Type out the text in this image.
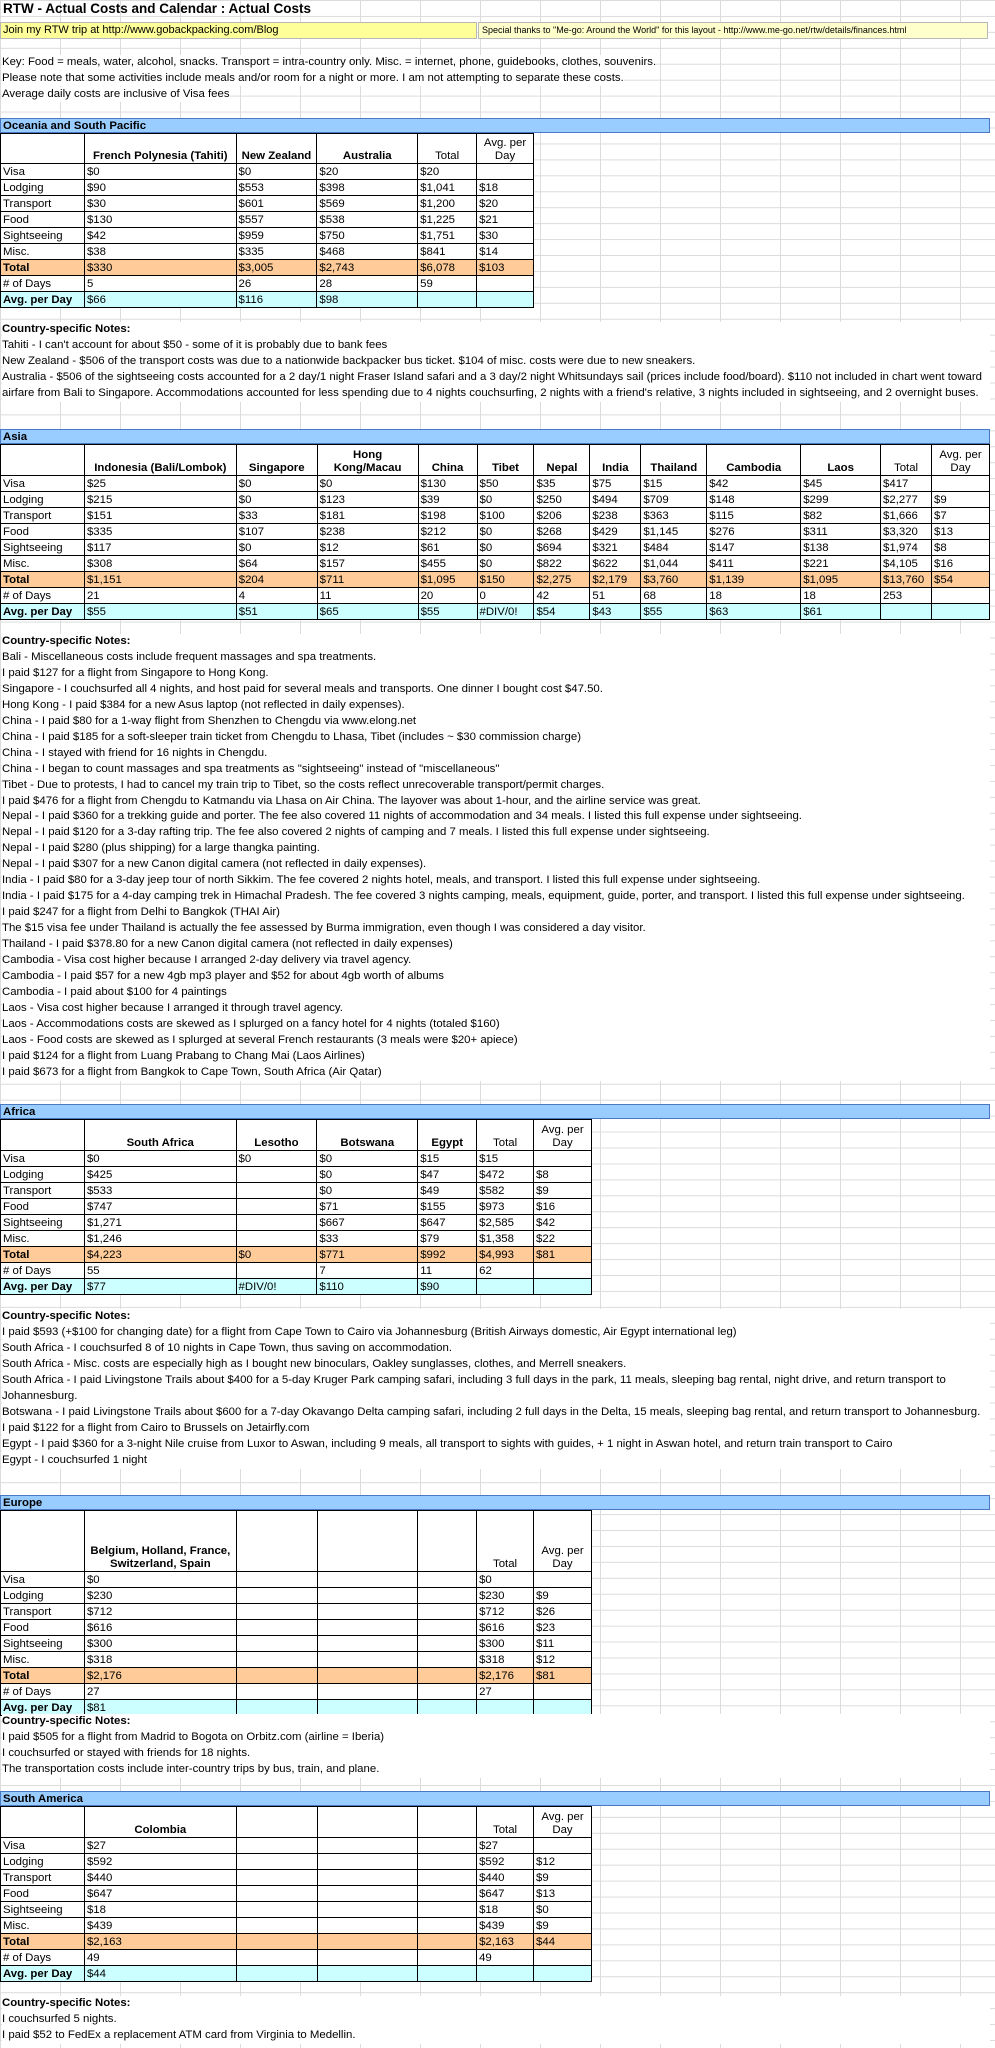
RTW - Actual Costs and Calendar : Actual Costs
Join my RTW trip at http://www.gobackpacking.com/Blog	Special thanks to "Me-go: Around the World" for this layout - http://www.me-go.net/rtw/details/finances.html
Key: Food = meals, water, alcohol, snacks. Transport = intra-country only. Misc. = internet, phone, guidebooks, clothes, souvenirs.
Please note that some activities include meals and/or room for a night or more. I am not attempting to separate these costs.
Average daily costs are inclusive of Visa fees
Oceania and South Pacific
	French Polynesia (Tahiti)	New Zealand	Australia	Total	Avg. per Day
Visa	$0	$0	$20	$20	
Lodging	$90	$553	$398	$1,041	$18
Transport	$30	$601	$569	$1,200	$20
Food	$130	$557	$538	$1,225	$21
Sightseeing	$42	$959	$750	$1,751	$30
Misc.	$38	$335	$468	$841	$14
Total	$330	$3,005	$2,743	$6,078	$103
# of Days	5	26	28	59	
Avg. per Day	$66	$116	$98		
Country-specific Notes:
Tahiti - I can't account for about $50 - some of it is probably due to bank fees
New Zealand - $506 of the transport costs was due to a nationwide backpacker bus ticket. $104 of misc. costs were due to new sneakers.
Australia - $506 of the sightseeing costs accounted for a 2 day/1 night Fraser Island safari and a 3 day/2 night Whitsundays sail (prices include food/board). $110 not included in chart went toward airfare from Bali to Singapore. Accommodations accounted for less spending due to 4 nights couchsurfing, 2 nights with a friend's relative, 3 nights included in sightseeing, and 2 overnight buses.
Asia
	Indonesia (Bali/Lombok)	Singapore	Hong Kong/Macau	China	Tibet	Nepal	India	Thailand	Cambodia	Laos	Total	Avg. per Day
Visa	$25	$0	$0	$130	$50	$35	$75	$15	$42	$45	$417	
Lodging	$215	$0	$123	$39	$0	$250	$494	$709	$148	$299	$2,277	$9
Transport	$151	$33	$181	$198	$100	$206	$238	$363	$115	$82	$1,666	$7
Food	$335	$107	$238	$212	$0	$268	$429	$1,145	$276	$311	$3,320	$13
Sightseeing	$117	$0	$12	$61	$0	$694	$321	$484	$147	$138	$1,974	$8
Misc.	$308	$64	$157	$455	$0	$822	$622	$1,044	$411	$221	$4,105	$16
Total	$1,151	$204	$711	$1,095	$150	$2,275	$2,179	$3,760	$1,139	$1,095	$13,760	$54
# of Days	21	4	11	20	0	42	51	68	18	18	253	
Avg. per Day	$55	$51	$65	$55	#DIV/0!	$54	$43	$55	$63	$61		
Country-specific Notes:
Bali - Miscellaneous costs include frequent massages and spa treatments.
I paid $127 for a flight from Singapore to Hong Kong.
Singapore - I couchsurfed all 4 nights, and host paid for several meals and transports. One dinner I bought cost $47.50.
Hong Kong - I paid $384 for a new Asus laptop (not reflected in daily expenses).
China - I paid $80 for a 1-way flight from Shenzhen to Chengdu via www.elong.net
China - I paid $185 for a soft-sleeper train ticket from Chengdu to Lhasa, Tibet (includes ~ $30 commission charge)
China - I stayed with friend for 16 nights in Chengdu.
China - I began to count massages and spa treatments as "sightseeing" instead of "miscellaneous"
Tibet - Due to protests, I had to cancel my train trip to Tibet, so the costs reflect unrecoverable transport/permit charges.
I paid $476 for a flight from Chengdu to Katmandu via Lhasa on Air China. The layover was about 1-hour, and the airline service was great.
Nepal - I paid $360 for a trekking guide and porter. The fee also covered 11 nights of accommodation and 34 meals. I listed this full expense under sightseeing.
Nepal - I paid $120 for a 3-day rafting trip. The fee also covered 2 nights of camping and 7 meals. I listed this full expense under sightseeing.
Nepal - I paid $280 (plus shipping) for a large thangka painting.
Nepal - I paid $307 for a new Canon digital camera (not reflected in daily expenses).
India - I paid $80 for a 3-day jeep tour of north Sikkim. The fee covered 2 nights hotel, meals, and transport. I listed this full expense under sightseeing.
India - I paid $175 for a 4-day camping trek in Himachal Pradesh. The fee covered 3 nights camping, meals, equipment, guide, porter, and transport. I listed this full expense under sightseeing.
I paid $247 for a flight from Delhi to Bangkok (THAI Air)
The $15 visa fee under Thailand is actually the fee assessed by Burma immigration, even though I was considered a day visitor.
Thailand - I paid $378.80 for a new Canon digital camera (not reflected in daily expenses)
Cambodia - Visa cost higher because I arranged 2-day delivery via travel agency.
Cambodia - I paid $57 for a new 4gb mp3 player and $52 for about 4gb worth of albums
Cambodia - I paid about $100 for 4 paintings
Laos - Visa cost higher because I arranged it through travel agency.
Laos - Accommodations costs are skewed as I splurged on a fancy hotel for 4 nights (totaled $160)
Laos - Food costs are skewed as I splurged at several French restaurants (3 meals were $20+ apiece)
I paid $124 for a flight from Luang Prabang to Chang Mai (Laos Airlines)
I paid $673 for a flight from Bangkok to Cape Town, South Africa (Air Qatar)
Africa
	South Africa	Lesotho	Botswana	Egypt	Total	Avg. per Day
Visa	$0	$0	$0	$15	$15	
Lodging	$425		$0	$47	$472	$8
Transport	$533		$0	$49	$582	$9
Food	$747		$71	$155	$973	$16
Sightseeing	$1,271		$667	$647	$2,585	$42
Misc.	$1,246		$33	$79	$1,358	$22
Total	$4,223	$0	$771	$992	$4,993	$81
# of Days	55		7	11	62	
Avg. per Day	$77	#DIV/0!	$110	$90		
Country-specific Notes:
I paid $593 (+$100 for changing date) for a flight from Cape Town to Cairo via Johannesburg (British Airways domestic, Air Egypt international leg)
South Africa - I couchsurfed 8 of 10 nights in Cape Town, thus saving on accommodation.
South Africa - Misc. costs are especially high as I bought new binoculars, Oakley sunglasses, clothes, and Merrell sneakers.
South Africa - I paid Livingstone Trails about $400 for a 5-day Kruger Park camping safari, including 3 full days in the park, 11 meals, sleeping bag rental, night drive, and return transport to Johannesburg.
Botswana - I paid Livingstone Trails about $600 for a 7-day Okavango Delta camping safari, including 2 full days in the Delta, 15 meals, sleeping bag rental, and return transport to Johannesburg.
I paid $122 for a flight from Cairo to Brussels on Jetairfly.com
Egypt - I paid $360 for a 3-night Nile cruise from Luxor to Aswan, including 9 meals, all transport to sights with guides, + 1 night in Aswan hotel, and return train transport to Cairo
Egypt - I couchsurfed 1 night
Europe
	Belgium, Holland, France, Switzerland, Spain				Total	Avg. per Day
Visa	$0				$0	
Lodging	$230				$230	$9
Transport	$712				$712	$26
Food	$616				$616	$23
Sightseeing	$300				$300	$11
Misc.	$318				$318	$12
Total	$2,176				$2,176	$81
# of Days	27				27	
Avg. per Day	$81					
Country-specific Notes:
I paid $505 for a flight from Madrid to Bogota on Orbitz.com (airline = Iberia)
I couchsurfed or stayed with friends for 18 nights.
The transportation costs include inter-country trips by bus, train, and plane.
South America
	Colombia				Total	Avg. per Day
Visa	$27				$27	
Lodging	$592				$592	$12
Transport	$440				$440	$9
Food	$647				$647	$13
Sightseeing	$18				$18	$0
Misc.	$439				$439	$9
Total	$2,163				$2,163	$44
# of Days	49				49	
Avg. per Day	$44					
Country-specific Notes:
I couchsurfed 5 nights.
I paid $52 to FedEx a replacement ATM card from Virginia to Medellin.
